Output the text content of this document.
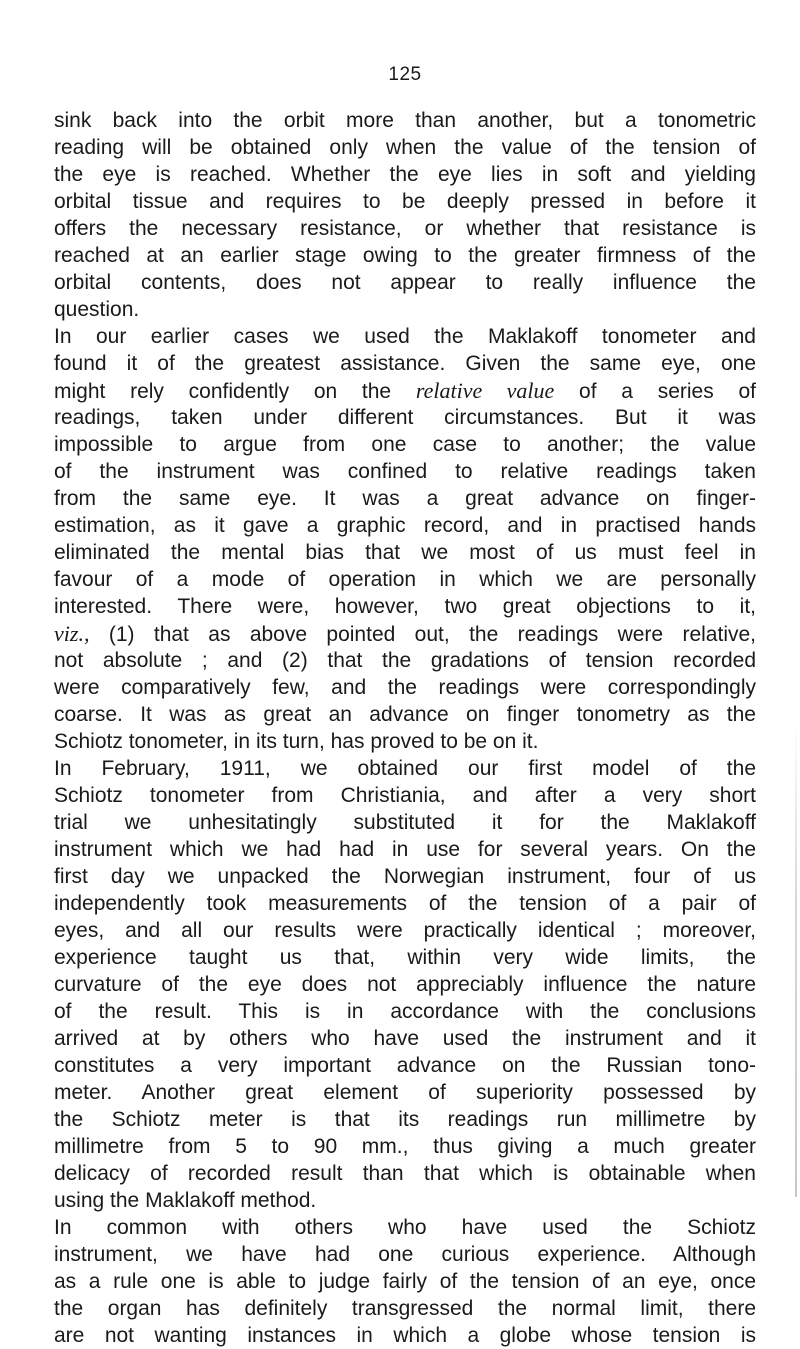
125
sink back into the orbit more than another, but a tonometric
reading will be obtained only when the value of the tension of
the eye is reached. Whether the eye lies in soft and yielding
orbital tissue and requires to be deeply pressed in before it
offers the necessary resistance, or whether that resistance is
reached at an earlier stage owing to the greater firmness of the
orbital contents, does not appear to really influence the
question.
In our earlier cases we used the Maklakoff tonometer and
found it of the greatest assistance. Given the same eye, one
might rely confidently on the relative value of a series of
readings, taken under different circumstances. But it was
impossible to argue from one case to another; the value
of the instrument was confined to relative readings taken
from the same eye. It was a great advance on finger-
estimation, as it gave a graphic record, and in practised hands
eliminated the mental bias that we most of us must feel in
favour of a mode of operation in which we are personally
interested. There were, however, two great objections to it,
viz., (1) that as above pointed out, the readings were relative,
not absolute ; and (2) that the gradations of tension recorded
were comparatively few, and the readings were correspondingly
coarse. It was as great an advance on finger tonometry as the
Schiotz tonometer, in its turn, has proved to be on it.
In February, 1911, we obtained our first model of the
Schiotz tonometer from Christiania, and after a very short
trial we unhesitatingly substituted it for the Maklakoff
instrument which we had had in use for several years. On the
first day we unpacked the Norwegian instrument, four of us
independently took measurements of the tension of a pair of
eyes, and all our results were practically identical ; moreover,
experience taught us that, within very wide limits, the
curvature of the eye does not appreciably influence the nature
of the result. This is in accordance with the conclusions
arrived at by others who have used the instrument and it
constitutes a very important advance on the Russian tono-
meter. Another great element of superiority possessed by
the Schiotz meter is that its readings run millimetre by
millimetre from 5 to 90 mm., thus giving a much greater
delicacy of recorded result than that which is obtainable when
using the Maklakoff method.
In common with others who have used the Schiotz
instrument, we have had one curious experience. Although
as a rule one is able to judge fairly of the tension of an eye, once
the organ has definitely transgressed the normal limit, there
are not wanting instances in which a globe whose tension is
